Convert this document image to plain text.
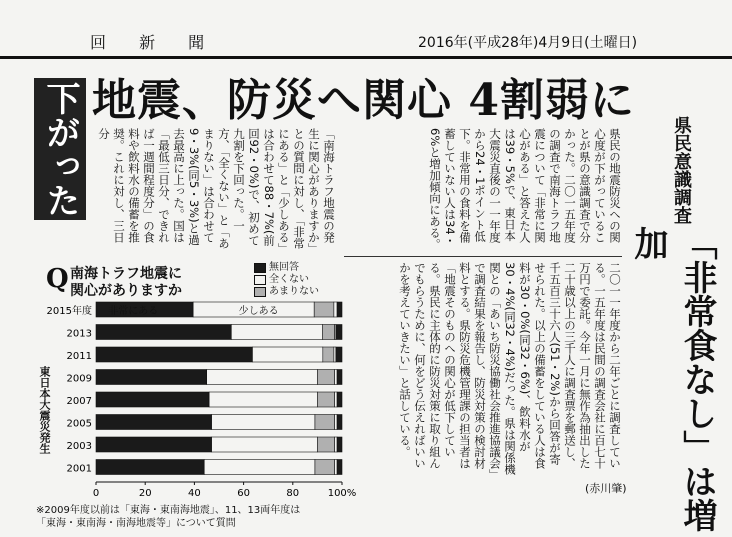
回 新 聞	2016年(平成28年)4月9日(土曜日)
地震、防災へ関心 4割弱に
下がった	県民意識調査
「非常食なし」は増加
県民の地震防災への関心度が下がっていることが県の意識調査で分かった。二〇一五年度の調査で南海トラフ地震について「非常に関心がある」と答えた人は39・5%で、東日本大震災直後の一一年度から24・1ポイント低下。非常用の食料を備蓄していない人は34・6%と増加傾向にある。
二〇一一年度から二年ごとに調査している。一五年度は民間の調査会社に百七十万円で委託。今年一月に無作為抽出した二十歳以上の三千人に調査票を郵送し、千五百三十六人(51・2%)から回答が寄せられた。以上の備蓄をしている人は食料が30・0%(同32・6%)、飲料水が30・4%(同32・4%)だった。県は関係機関との「あいち防災協働社会推進協議会」で調査結果を報告し、防災対策の検討材料とする。県防災危機管理課の担当者は「地震そのものへの関心が低下している。県民に主体的に防災対策に取り組んでもらうために、何をどう伝えればいいかを考えていきたい」と話している。
「南海トラフ地震の発生に関心がありますか」との質問に対し、「非常にある」と「少しある」は合わせて88・7%(前回92・0%)で、初めて九割を下回った。一方、「全くない」と「あまりない」は合わせて9・3%(同5・3%)と過去最高に上った。国は「最低三日分、できれば一週間程度分」の食料や飲料水の備蓄を推奨。これに対し、三日分
(赤川肇)
Q 南海トラフ地震に
関心がありますか
無回答
全くない
あまりない
東日本大震災発生
2015年度
2013
2011
2009
2007
2005
2003
2001
非常にある	少しある
0	20	40	60	80	100%
※2009年度以前は「東海・東南海地震」、11、13両年度は
「東海・東南海・南海地震等」について質問
